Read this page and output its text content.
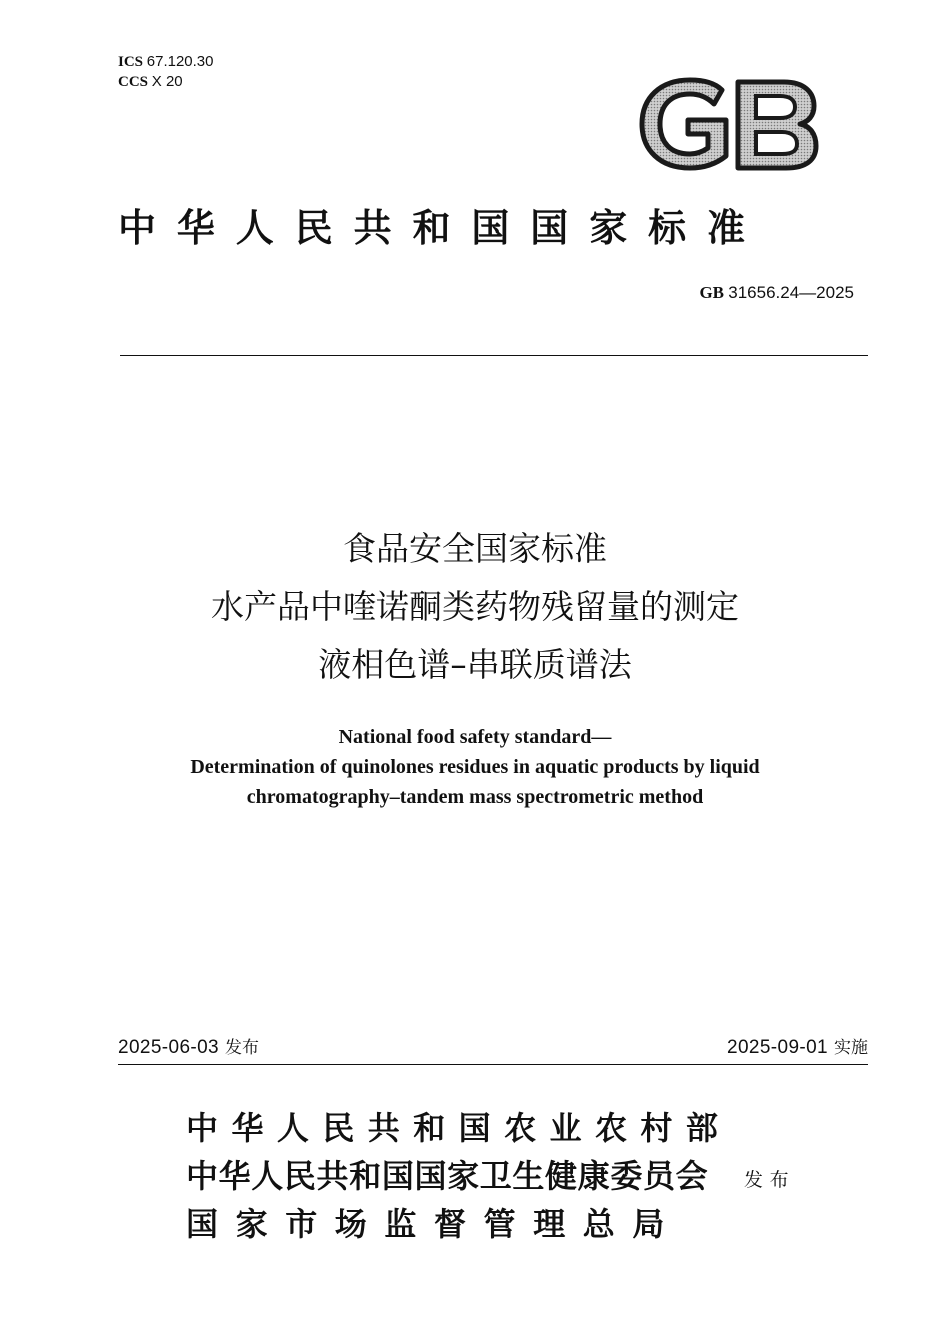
ICS 67.120.30
CCS X 20
中华人民共和国国家标准
GB 31656.24—2025
食品安全国家标准
水产品中喹诺酮类药物残留量的测定
液相色谱–串联质谱法
National food safety standard—
Determination of quinolones residues in aquatic products by liquid
chromatography–tandem mass spectrometric method
2025-06-03 发布	2025-09-01 实施
中华人民共和国农业农村部
中华人民共和国国家卫生健康委员会
国家市场监督管理总局
发布
